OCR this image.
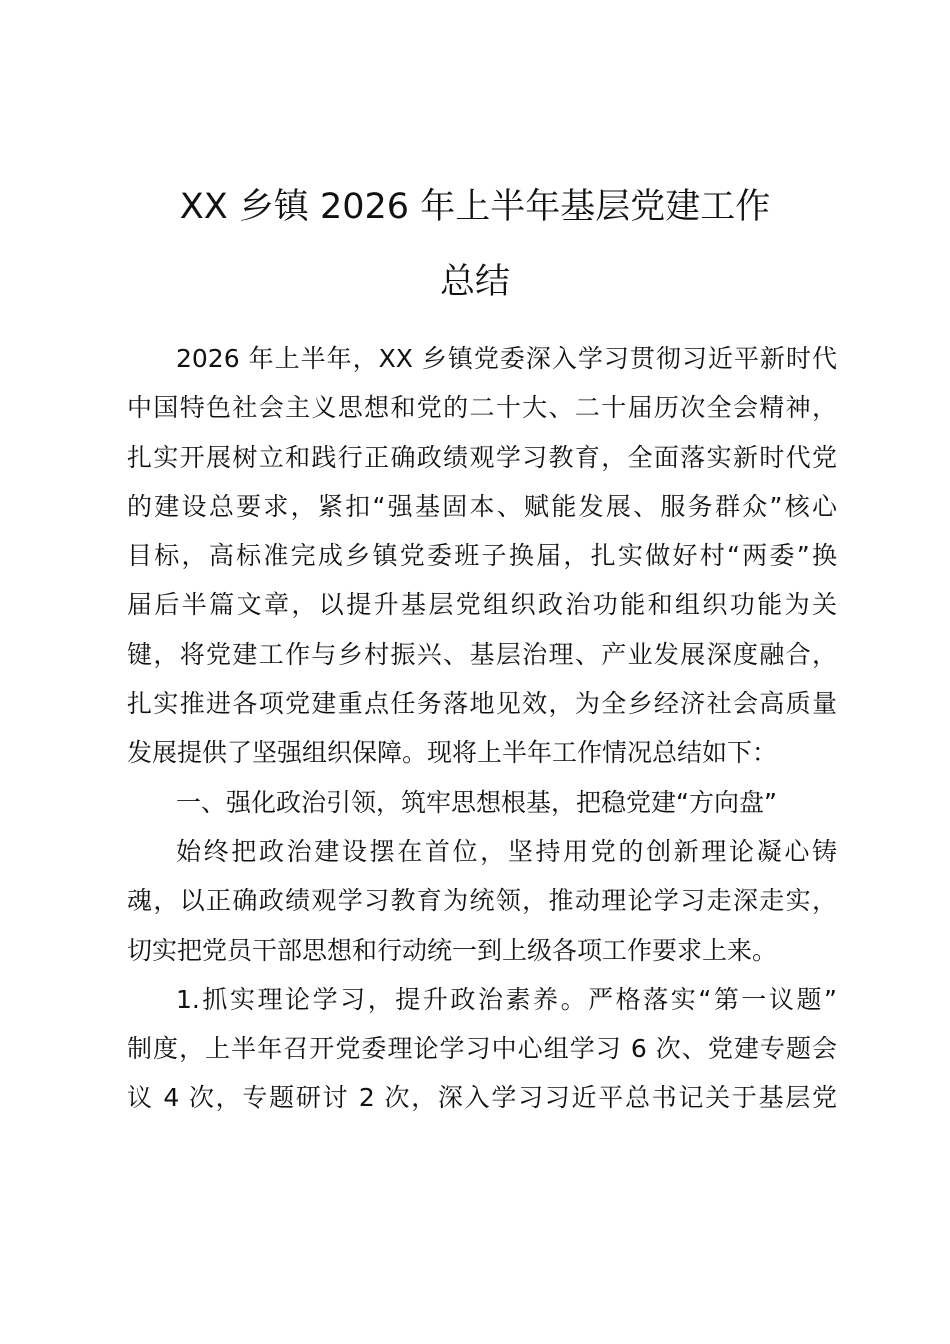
XX 乡镇 2026 年上半年基层党建工作
总结
2026 年上半年，XX 乡镇党委深入学习贯彻习近平新时代
中国特色社会主义思想和党的二十大、二十届历次全会精神，
扎实开展树立和践行正确政绩观学习教育，全面落实新时代党
的建设总要求，紧扣“强基固本、赋能发展、服务群众”核心
目标，高标准完成乡镇党委班子换届，扎实做好村“两委”换
届后半篇文章，以提升基层党组织政治功能和组织功能为关
键，将党建工作与乡村振兴、基层治理、产业发展深度融合，
扎实推进各项党建重点任务落地见效，为全乡经济社会高质量
发展提供了坚强组织保障。现将上半年工作情况总结如下：
一、强化政治引领，筑牢思想根基，把稳党建“方向盘”
始终把政治建设摆在首位，坚持用党的创新理论凝心铸
魂，以正确政绩观学习教育为统领，推动理论学习走深走实，
切实把党员干部思想和行动统一到上级各项工作要求上来。
1.抓实理论学习，提升政治素养。严格落实“第一议题”
制度，上半年召开党委理论学习中心组学习 6 次、党建专题会
议 4 次，专题研讨 2 次，深入学习习近平总书记关于基层党
